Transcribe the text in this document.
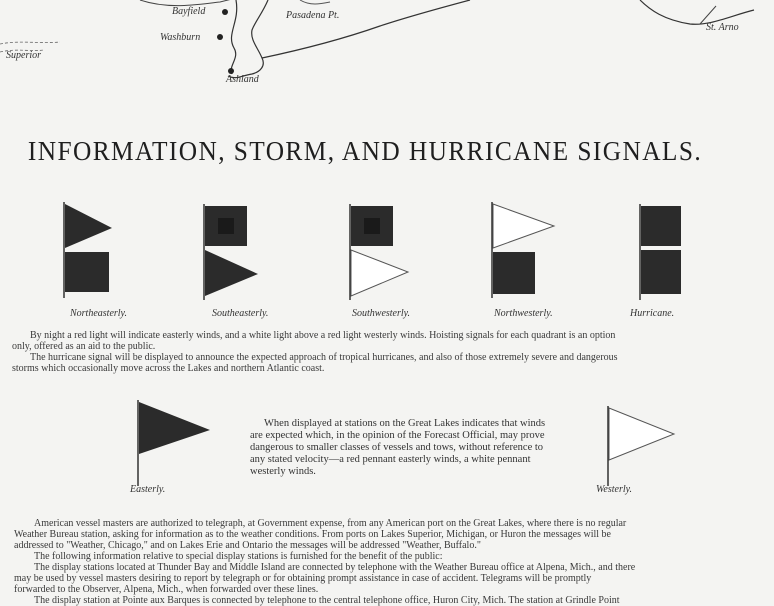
Bayfield
Washburn
Pasadena Pt.
Ashland
Superior
St. Arno
INFORMATION, STORM, AND HURRICANE SIGNALS.
Northeasterly.	Southeasterly.	Southwesterly.	Northwesterly.	Hurricane.
By night a red light will indicate easterly winds, and a white light above a red light westerly winds. Hoisting signals for each quadrant is an option
only, offered as an aid to the public.
The hurricane signal will be displayed to announce the expected approach of tropical hurricanes, and also of those extremely severe and dangerous
storms which occasionally move across the Lakes and northern Atlantic coast.
Easterly.
When displayed at stations on the Great Lakes indicates that winds
are expected which, in the opinion of the Forecast Official, may prove
dangerous to smaller classes of vessels and tows, without reference to
any stated velocity—a red pennant easterly winds, a white pennant
westerly winds.
Westerly.
American vessel masters are authorized to telegraph, at Government expense, from any American port on the Great Lakes, where there is no regular
Weather Bureau station, asking for information as to the weather conditions. From ports on Lakes Superior, Michigan, or Huron the messages will be
addressed to "Weather, Chicago," and on Lakes Erie and Ontario the messages will be addressed "Weather, Buffalo."
The following information relative to special display stations is furnished for the benefit of the public:
The display stations located at Thunder Bay and Middle Island are connected by telephone with the Weather Bureau office at Alpena, Mich., and there
may be used by vessel masters desiring to report by telegraph or for obtaining prompt assistance in case of accident. Telegrams will be promptly
forwarded to the Observer, Alpena, Mich., when forwarded over these lines.
The display station at Pointe aux Barques is connected by telephone to the central telephone office, Huron City, Mich. The station at Grindle Point
